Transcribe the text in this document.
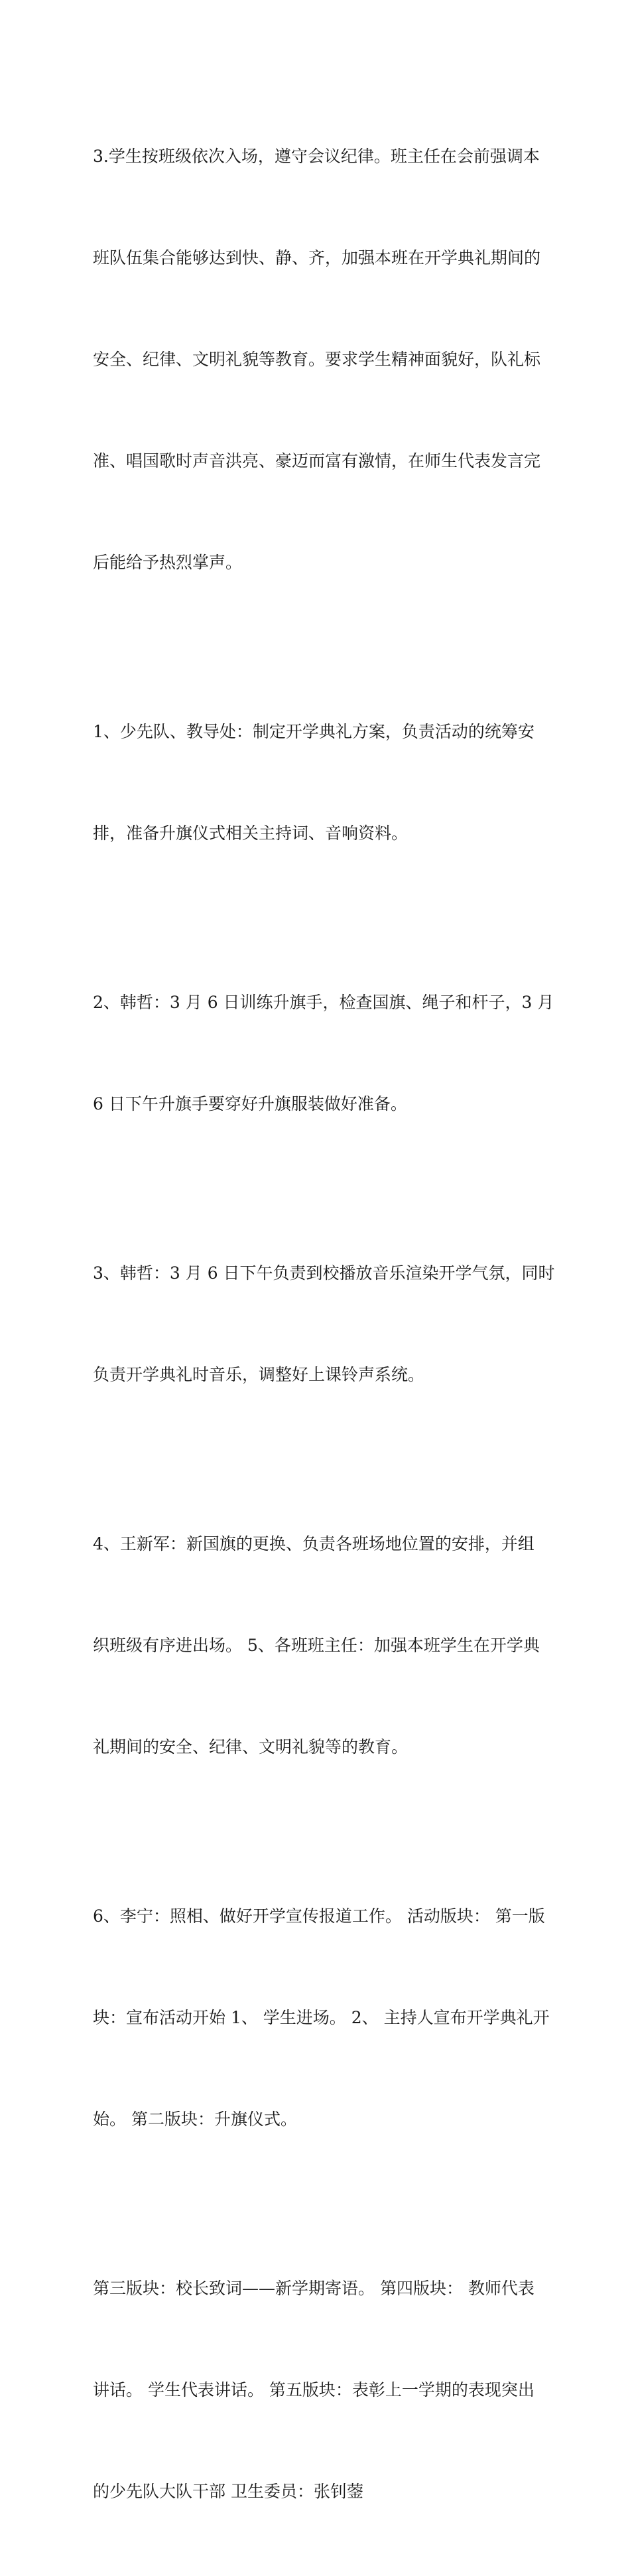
3.学生按班级依次入场，遵守会议纪律。班主任在会前强调本

班队伍集合能够达到快、静、齐，加强本班在开学典礼期间的

安全、纪律、文明礼貌等教育。要求学生精神面貌好，队礼标

准、唱国歌时声音洪亮、豪迈而富有激情，在师生代表发言完

后能给予热烈掌声。

1、少先队、教导处：制定开学典礼方案，负责活动的统筹安

排，准备升旗仪式相关主持词、音响资料。

2、韩哲：3 月 6 日训练升旗手，检查国旗、绳子和杆子，3 月

6 日下午升旗手要穿好升旗服装做好准备。

3、韩哲：3 月 6 日下午负责到校播放音乐渲染开学气氛，同时

负责开学典礼时音乐，调整好上课铃声系统。

4、王新军：新国旗的更换、负责各班场地位置的安排，并组

织班级有序进出场。 5、各班班主任：加强本班学生在开学典

礼期间的安全、纪律、文明礼貌等的教育。

6、李宁：照相、做好开学宣传报道工作。 活动版块： 第一版

块：宣布活动开始 1、 学生进场。 2、 主持人宣布开学典礼开

始。 第二版块：升旗仪式。

第三版块：校长致词——新学期寄语。 第四版块： 教师代表

讲话。 学生代表讲话。 第五版块：表彰上一学期的表现突出

的少先队大队干部 卫生委员：张钊蓥
